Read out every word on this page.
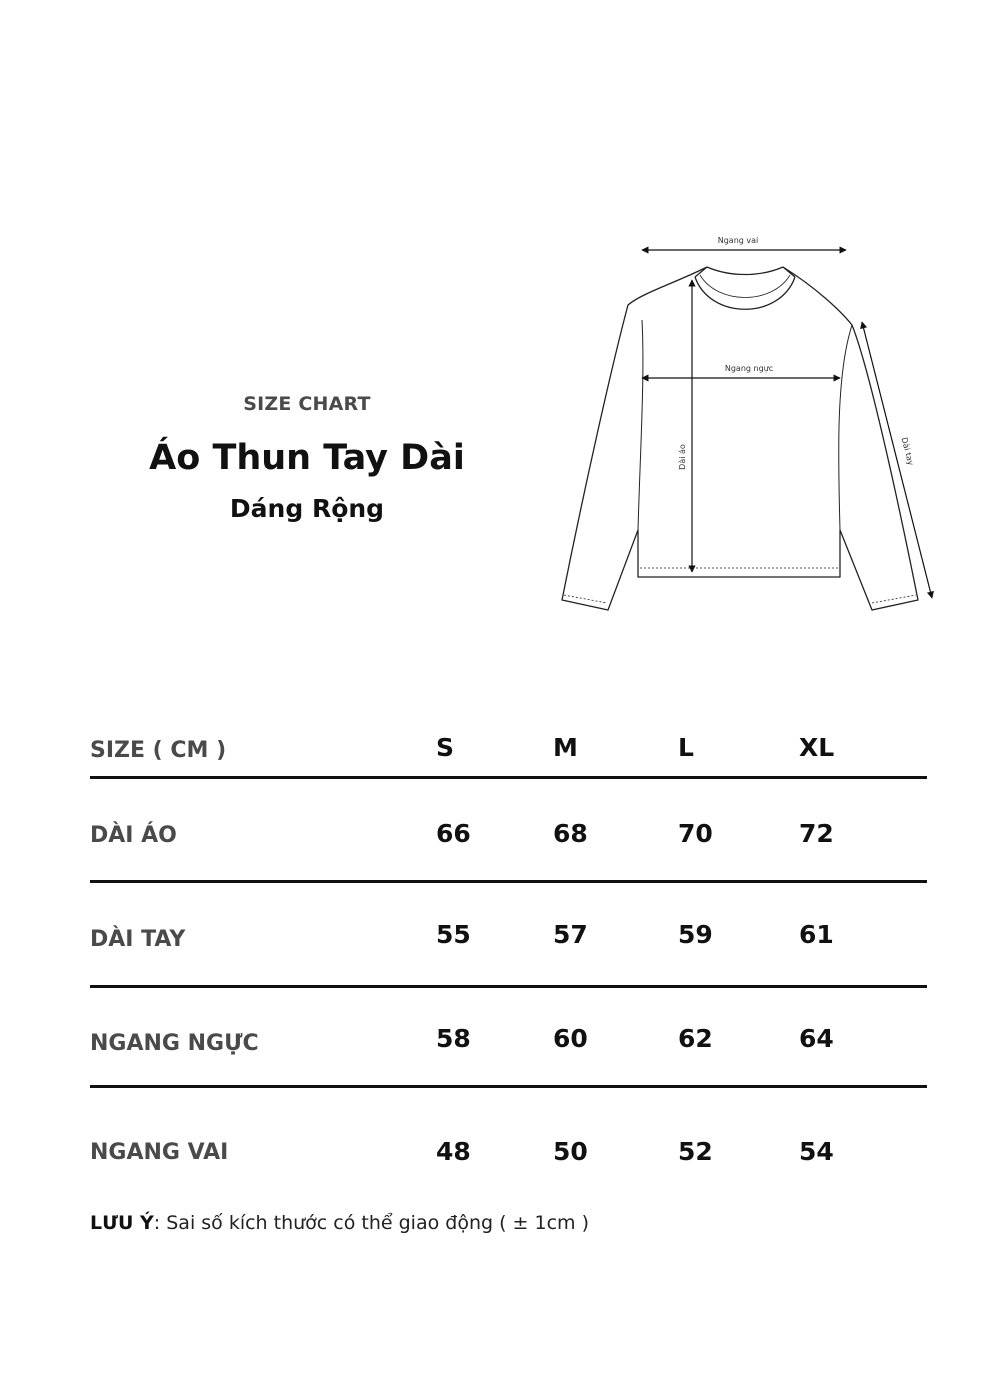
SIZE CHART
Áo Thun Tay Dài
Dáng Rộng
Ngang vai
Ngang ngực
Dài áo	Dài tay
SIZE ( CM )	S	M	L	XL
DÀI ÁO	66	68	70	72
DÀI TAY	55	57	59	61
NGANG NGỰC	58	60	62	64
NGANG VAI	48	50	52	54
LƯU Ý: Sai số kích thước có thể giao động ( ± 1cm )
